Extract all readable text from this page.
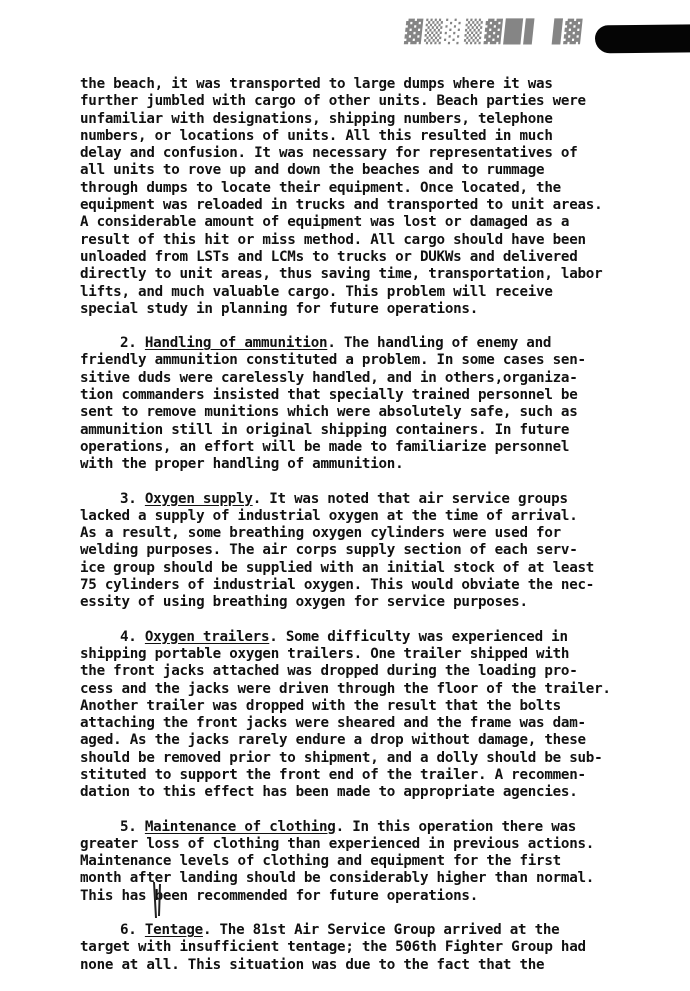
▓▒░▒▓█▌▐▓

the beach, it was transported to large dumps where it was
further jumbled with cargo of other units. Beach parties were
unfamiliar with designations, shipping numbers, telephone
numbers, or locations of units. All this resulted in much
delay and confusion. It was necessary for representatives of
all units to rove up and down the beaches and to rummage
through dumps to locate their equipment. Once located, the
equipment was reloaded in trucks and transported to unit areas.
A considerable amount of equipment was lost or damaged as a
result of this hit or miss method. All cargo should have been
unloaded from LSTs and LCMs to trucks or DUKWs and delivered
directly to unit areas, thus saving time, transportation, labor
lifts, and much valuable cargo. This problem will receive
special study in planning for future operations.

2. Handling of ammunition. The handling of enemy and
friendly ammunition constituted a problem. In some cases sen-
sitive duds were carelessly handled, and in others,organiza-
tion commanders insisted that specially trained personnel be
sent to remove munitions which were absolutely safe, such as
ammunition still in original shipping containers. In future
operations, an effort will be made to familiarize personnel
with the proper handling of ammunition.

3. Oxygen supply. It was noted that air service groups
lacked a supply of industrial oxygen at the time of arrival.
As a result, some breathing oxygen cylinders were used for
welding purposes. The air corps supply section of each serv-
ice group should be supplied with an initial stock of at least
75 cylinders of industrial oxygen. This would obviate the nec-
essity of using breathing oxygen for service purposes.

4. Oxygen trailers. Some difficulty was experienced in
shipping portable oxygen trailers. One trailer shipped with
the front jacks attached was dropped during the loading pro-
cess and the jacks were driven through the floor of the trailer.
Another trailer was dropped with the result that the bolts
attaching the front jacks were sheared and the frame was dam-
aged. As the jacks rarely endure a drop without damage, these
should be removed prior to shipment, and a dolly should be sub-
stituted to support the front end of the trailer. A recommen-
dation to this effect has been made to appropriate agencies.

5. Maintenance of clothing. In this operation there was
greater loss of clothing than experienced in previous actions.
Maintenance levels of clothing and equipment for the first
month after landing should be considerably higher than normal.
This has been recommended for future operations.

6. Tentage. The 81st Air Service Group arrived at the
target with insufficient tentage; the 506th Fighter Group had
none at all. This situation was due to the fact that the
